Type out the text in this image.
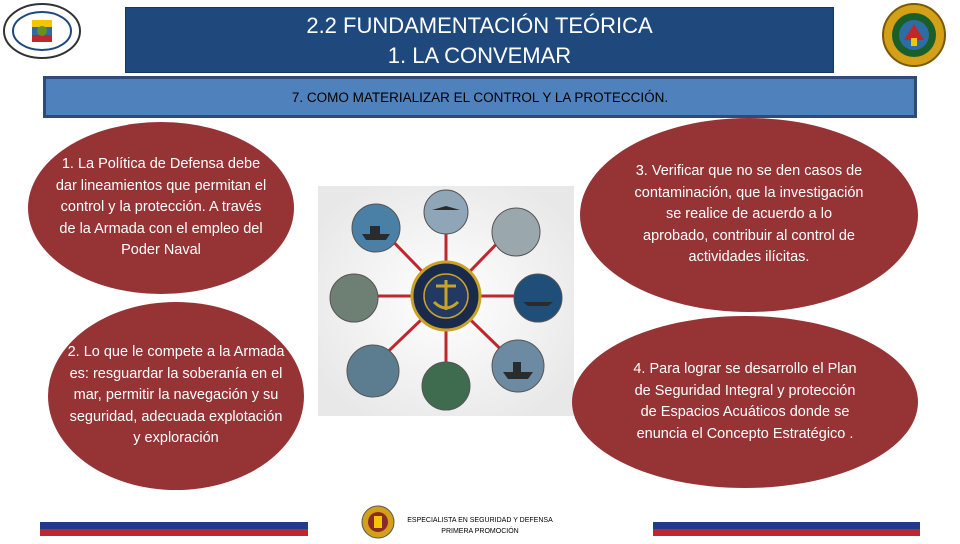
2.2 FUNDAMENTACIÓN TEÓRICA
1. LA CONVEMAR
7. COMO MATERIALIZAR EL CONTROL Y LA PROTECCIÓN.
1. La Política de Defensa debe dar lineamientos que permitan el control y la protección. A través de la Armada con el empleo del Poder Naval
2. Lo que le compete a la Armada es: resguardar la soberanía en el mar, permitir la navegación y su seguridad, adecuada explotación y exploración
3. Verificar que no se den casos de contaminación, que la investigación se realice de acuerdo a lo aprobado, contribuir al control de actividades ilícitas.
4. Para lograr se desarrollo el Plan de Seguridad Integral y protección de Espacios Acuáticos donde se enuncia el Concepto Estratégico .
ESPECIALISTA EN SEGURIDAD Y DEFENSA
PRIMERA PROMOCIÓN
